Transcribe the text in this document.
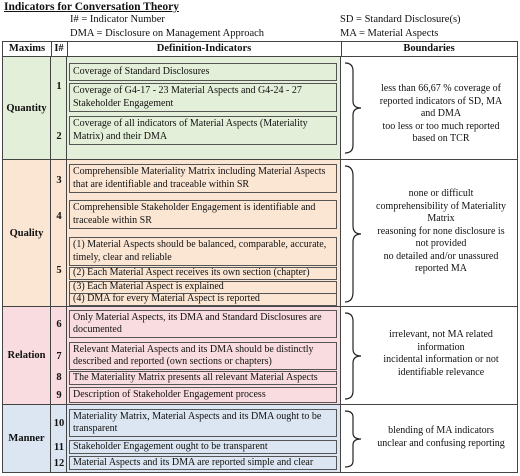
Indicators for Conversation Theory
I# = Indicator Number
DMA = Disclosure on Management Approach
SD = Standard Disclosure(s)
MA = Material Aspects
Maxims I#	Definition-Indicators	Boundaries
Quantity
1
2
Coverage of Standard Disclosures
Coverage of G4-17 - 23 Material Aspects and G4-24 - 27 Stakeholder Engagement
Coverage of all indicators of Material Aspects (Materiality Matrix) and their DMA
less than 66,67 % coverage of
reported indicators of SD, MA
and DMA
too less or too much reported
based on TCR
Quality
3
4
5
Comprehensible Materiality Matrix including Material Aspects that are identifiable and traceable within SR
Comprehensible Stakeholder Engagement is identifiable and traceable within SR
(1) Material Aspects should be balanced, comparable, accurate, timely, clear and reliable
(2) Each Material Aspect receives its own section (chapter)
(3) Each Material Aspect is explained
(4) DMA for every Material Aspect is reported
none or difficult
comprehensibility of Materiality
Matrix
reasoning for none disclosure is
not provided
no detailed and/or unassured
reported MA
Relation
6
7
8
9
Only Material Aspects, its DMA and Standard Disclosures are documented
Relevant Material Aspects and its DMA should be distinctly described and reported (own sections or chapters)
The Materiality Matrix presents all relevant Material Aspects
Description of Stakeholder Engagement process
irrelevant, not MA related
information
incidental information or not
identifiable relevance
Manner
10
11
12
Materiality Matrix, Material Aspects and its DMA ought to be transparent
Stakeholder Engagement ought to be transparent
Material Aspects and its DMA are reported simple and clear
blending of MA indicators
unclear and confusing reporting
